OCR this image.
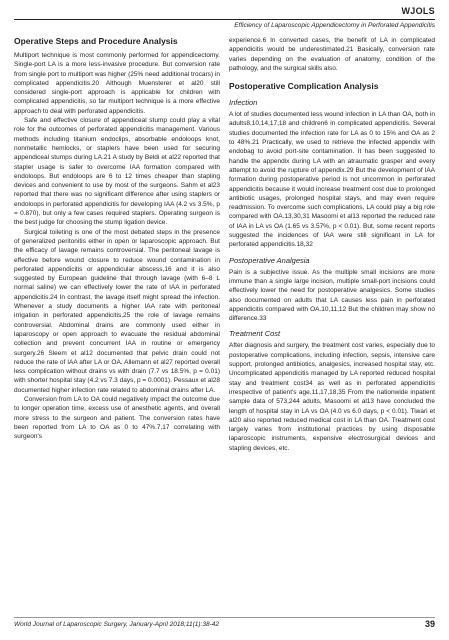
WJOLS
Efficiency of Laparoscopic Appendicectomy in Perforated Appendicitis
Operative Steps and Procedure Analysis

Multiport technique is most commonly performed for appendicectomy. Single-port LA is a more less-invasive procedure. But conversion rate from single port to multiport was higher (25% need additional trocars) in complicated appendicitis.20 Although Muensterer et al20 still considered single-port approach is applicable for children with complicated appendicitis, so far multiport technique is a more effective approach to deal with perforated appendicitis.

Safe and effective closure of appendiceal stump could play a vital role for the outcomes of perforated appendicitis management. Various methods including titanium endoclips, absorbable endoloops knot, nonmetallic hemlocks, or staplers have been used for securing appendiceal stumps during LA.21 A study by Beldi et al22 reported that stapler usage is safer to overcome IAA formation compared with endoloops. But endoloops are 6 to 12 times cheaper than stapling devices and convenient to use by most of the surgeons. Sahm et al23 reported that there was no significant difference after using staplers or endoloops in perforated appendicitis for developing IAA (4.2 vs 3.5%, p = 0.870), but only a few cases required staplers. Operating surgeon is the best judge for choosing the stump ligation device.

Surgical toileting is one of the most debated steps in the presence of generalized peritonitis either in open or laparoscopic approach. But the efficacy of lavage remains controversial. The peritoneal lavage is effective before wound closure to reduce wound contamination in perforated appendicitis or appendicular abscess,16 and it is also suggested by European guideline that through lavage (with 6–8 L normal saline) we can effectively lower the rate of IAA in perforated appendicitis.24 In contrast, the lavage itself might spread the infection. Whenever a study documents a higher IAA rate with peritoneal irrigation in perforated appendicitis,25 the role of lavage remains controversial. Abdominal drains are commonly used either in laparoscopy or open approach to evacuate the residual abdominal collection and prevent concurrent IAA in routine or emergency surgery.26 Sleem et al12 documented that pelvic drain could not reduce the rate of IAA after LA or OA. Allemann et al27 reported overall less complication without drains vs with drain (7.7 vs 18.5%, p = 0.01) with shorter hospital stay (4.2 vs 7.3 days, p = 0.0001). Pessaux et al28 documented higher infection rate related to abdominal drains after LA.

Conversion from LA to OA could negatively impact the outcome due to longer operation time, excess use of anesthetic agents, and overall more stress to the surgeon and patient. The conversion rates have been reported from LA to OA as 0 to 47%.7,17 correlating with surgeon's

experience.6 In converted cases, the benefit of LA in complicated appendicitis would be underestimated.21 Basically, conversion rate varies depending on the evaluation of anatomy, condition of the pathology, and the surgical skills also.

Postoperative Complication Analysis
Infection

A lot of studies documented less wound infection in LA than OA, both in adults8,10,14,17,18 and children6 in complicated appendicitis. Several studies documented the infection rate for LA as 0 to 15% and OA as 2 to 48%.21 Practically, we used to retrieve the infected appendix with endobag to avoid port-site contamination. It has been suggested to handle the appendix during LA with an atraumatic grasper and every attempt to avoid the rupture of appendix.29 But the development of IAA formation during postoperative period is not uncommon in perforated appendicitis because it would increase treatment cost due to prolonged antibiotic usages, prolonged hospital stays, and may even require readmission. To overcome such complications, LA could play a big role compared with OA.13,30,31 Masoomi et al13 reported the reduced rate of IAA in LA vs OA (1.65 vs 3.57%, p < 0.01). But, some recent reports suggested the incidences of IAA were still significant in LA for perforated appendicitis.18,32

Postoperative Analgesia

Pain is a subjective issue. As the multiple small incisions are more immune than a single large incision, multiple small-port incisions could effectively lower the need for postoperative analgesics. Some studies also documented on adults that LA causes less pain in perforated appendicitis compared with OA.10,11,12 But the children may show no difference.33

Treatment Cost

After diagnosis and surgery, the treatment cost varies, especially due to postoperative complications, including infection, sepsis, intensive care support, prolonged antibiotics, analgesics, increased hospital stay, etc. Uncomplicated appendicitis managed by LA reported reduced hospital stay and treatment cost34 as well as in perforated appendicitis irrespective of patient's age.11,17,18,35 From the nationwide inpatient sample data of 573,244 adults, Masoomi et al13 have concluded the length of hospital stay in LA vs OA (4.0 vs 6.0 days, p < 0.01). Tiwari et al20 also reported reduced medical cost in LA than OA. Treatment cost largely varies from institutional practices by using disposable laparoscopic instruments, expensive electrosurgical devices and stapling devices, etc.

World Journal of Laparoscopic Surgery, January-April 2018;11(1):38-42	39
